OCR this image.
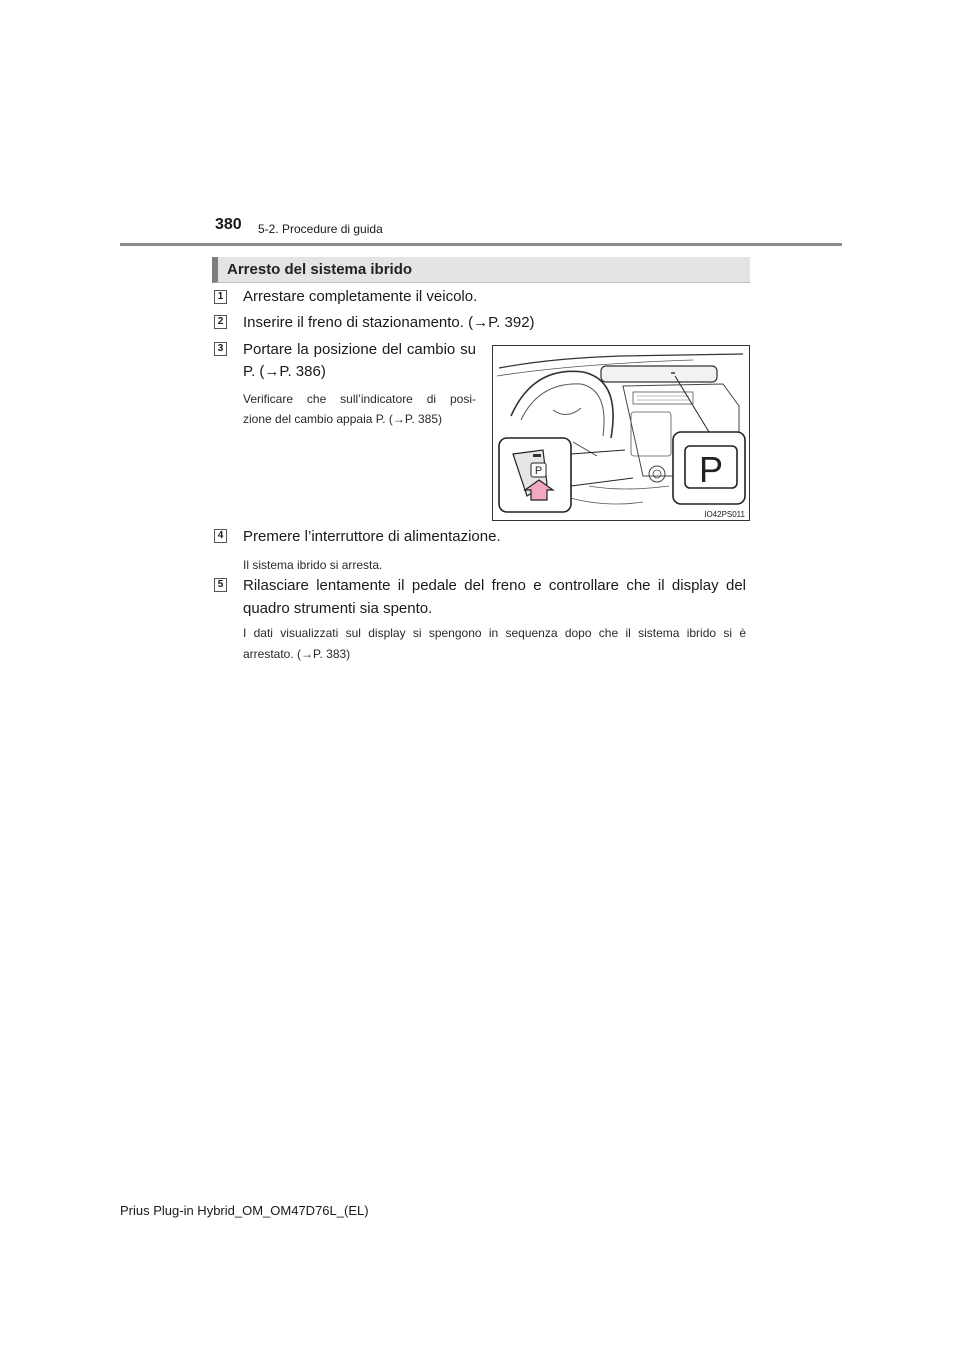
380 5-2. Procedure di guida
Arresto del sistema ibrido
1 Arrestare completamente il veicolo.
2 Inserire il freno di stazionamento. (→P. 392)
3 Portare la posizione del cambio su
P. (→P. 386)
Verificare che sull’indicatore di posi-
zione del cambio appaia P. (→P. 385)
P	P
IO42PS011
4 Premere l’interruttore di alimentazione.
Il sistema ibrido si arresta.
5 Rilasciare lentamente il pedale del freno e controllare che il display del
quadro strumenti sia spento.
I dati visualizzati sul display si spengono in sequenza dopo che il sistema ibrido si è
arrestato. (→P. 383)
Prius Plug-in Hybrid_OM_OM47D76L_(EL)
